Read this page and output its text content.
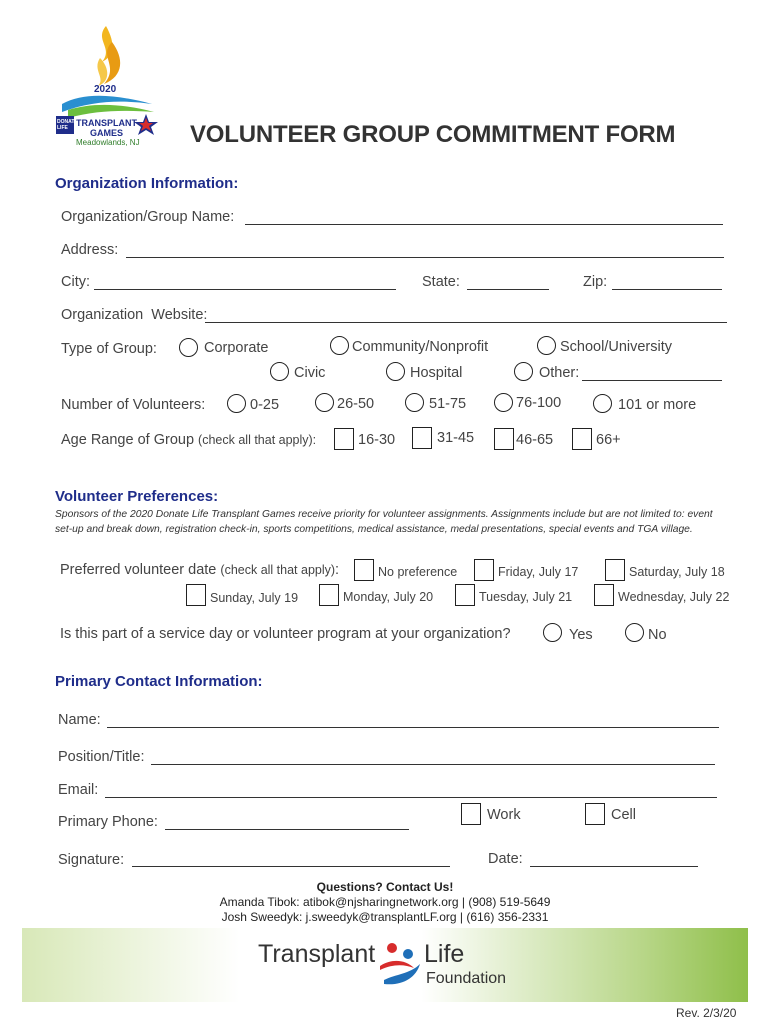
2020
TRANSPLANT
GAMES
DONATE LIFE
Meadowlands, NJ VOLUNTEER GROUP COMMITMENT FORM
Organization Information:
Organization/Group Name:
Address:
City:	State:	Zip:
Organization  Website:
Type of Group:	Corporate	Community/Nonprofit	School/University
Civic	Hospital	Other:
Number of Volunteers:	0-25	26-50	51-75	76-100	101 or more
Age Range of Group (check all that apply):	16-30	31-45	46-65	66+
Volunteer Preferences:
Sponsors of the 2020 Donate Life Transplant Games receive priority for volunteer assignments. Assignments include but are not limited to: event set-up and break down, registration check-in, sports competitions, medical assistance, medal presentations, special events and TGA village.
Preferred volunteer date (check all that apply):	No preference	Friday, July 17	Saturday, July 18
Sunday, July 19	Monday, July 20	Tuesday, July 21	Wednesday, July 22
Is this part of a service day or volunteer program at your organization?	Yes	No
Primary Contact Information:
Name:
Position/Title:
Email:
Primary Phone:	Work	Cell
Signature:	Date:
Questions? Contact Us!
Amanda Tibok: atibok@njsharingnetwork.org | (908) 519-5649
Josh Sweedyk: j.sweedyk@transplantLF.org | (616) 356-2331
Transplant Life
Foundation
Rev. 2/3/20
